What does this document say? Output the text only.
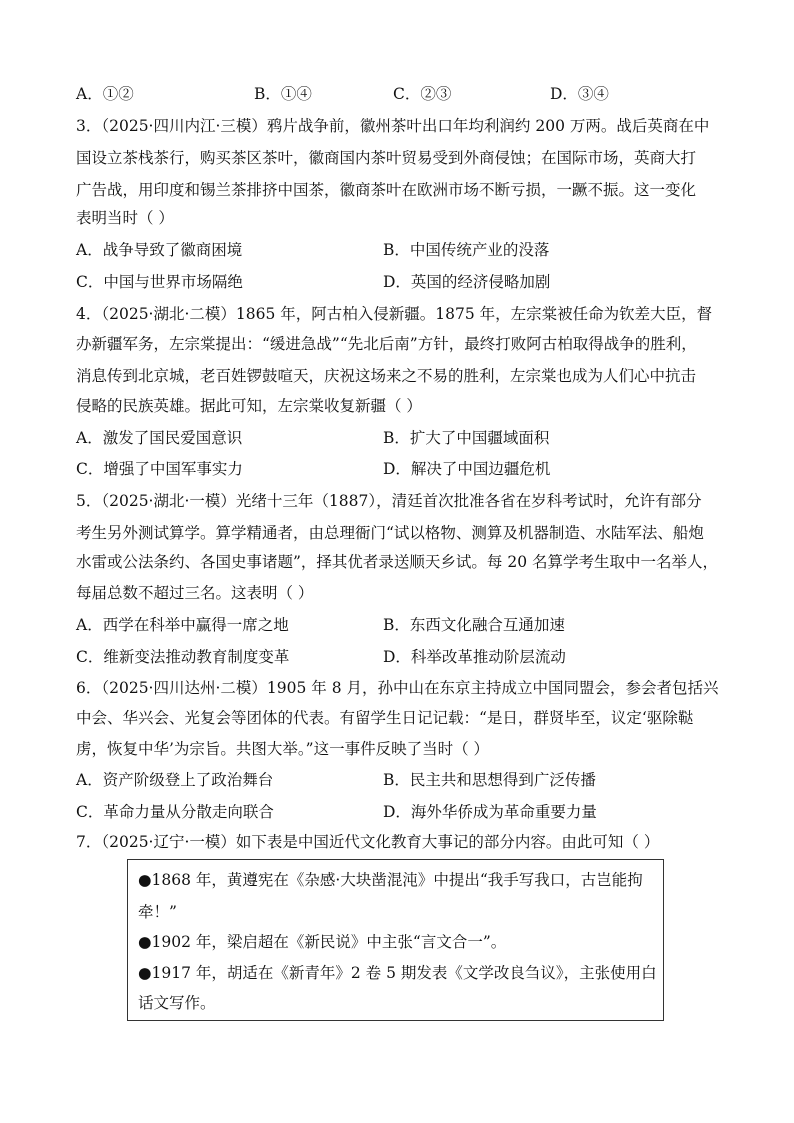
A．①②	B．①④	C．②③	D．③④
3．（2025·四川内江·三模）鸦片战争前，徽州茶叶出口年均利润约 200 万两。战后英商在中
国设立茶栈茶行，购买茶区茶叶，徽商国内茶叶贸易受到外商侵蚀；在国际市场，英商大打
广告战，用印度和锡兰茶排挤中国茶，徽商茶叶在欧洲市场不断亏损，一蹶不振。这一变化
表明当时（ ）
A．战争导致了徽商困境	B．中国传统产业的没落
C．中国与世界市场隔绝	D．英国的经济侵略加剧
4．（2025·湖北·二模）1865 年，阿古柏入侵新疆。1875 年，左宗棠被任命为钦差大臣，督
办新疆军务，左宗棠提出：“缓进急战”“先北后南”方针，最终打败阿古柏取得战争的胜利，
消息传到北京城，老百姓锣鼓喧天，庆祝这场来之不易的胜利，左宗棠也成为人们心中抗击
侵略的民族英雄。据此可知，左宗棠收复新疆（ ）
A．激发了国民爱国意识	B．扩大了中国疆域面积
C．增强了中国军事实力	D．解决了中国边疆危机
5．（2025·湖北·一模）光绪十三年（1887），清廷首次批准各省在岁科考试时，允许有部分
考生另外测试算学。算学精通者，由总理衙门“试以格物、测算及机器制造、水陆军法、船炮
水雷或公法条约、各国史事诸题”，择其优者录送顺天乡试。每 20 名算学考生取中一名举人，
每届总数不超过三名。这表明（ ）
A．西学在科举中赢得一席之地	B．东西文化融合互通加速
C．维新变法推动教育制度变革	D．科举改革推动阶层流动
6．（2025·四川达州·二模）1905 年 8 月，孙中山在东京主持成立中国同盟会，参会者包括兴
中会、华兴会、光复会等团体的代表。有留学生日记记载：“是日，群贤毕至，议定‘驱除鞑
虏，恢复中华’为宗旨。共图大举。”这一事件反映了当时（ ）
A．资产阶级登上了政治舞台	B．民主共和思想得到广泛传播
C．革命力量从分散走向联合	D．海外华侨成为革命重要力量
7．（2025·辽宁·一模）如下表是中国近代文化教育大事记的部分内容。由此可知（ ）
●1868 年，黄遵宪在《杂感·大块凿混沌》中提出“我手写我口，古岂能拘
牵！”
●1902 年，梁启超在《新民说》中主张“言文合一”。
●1917 年，胡适在《新青年》2 卷 5 期发表《文学改良刍议》，主张使用白
话文写作。
